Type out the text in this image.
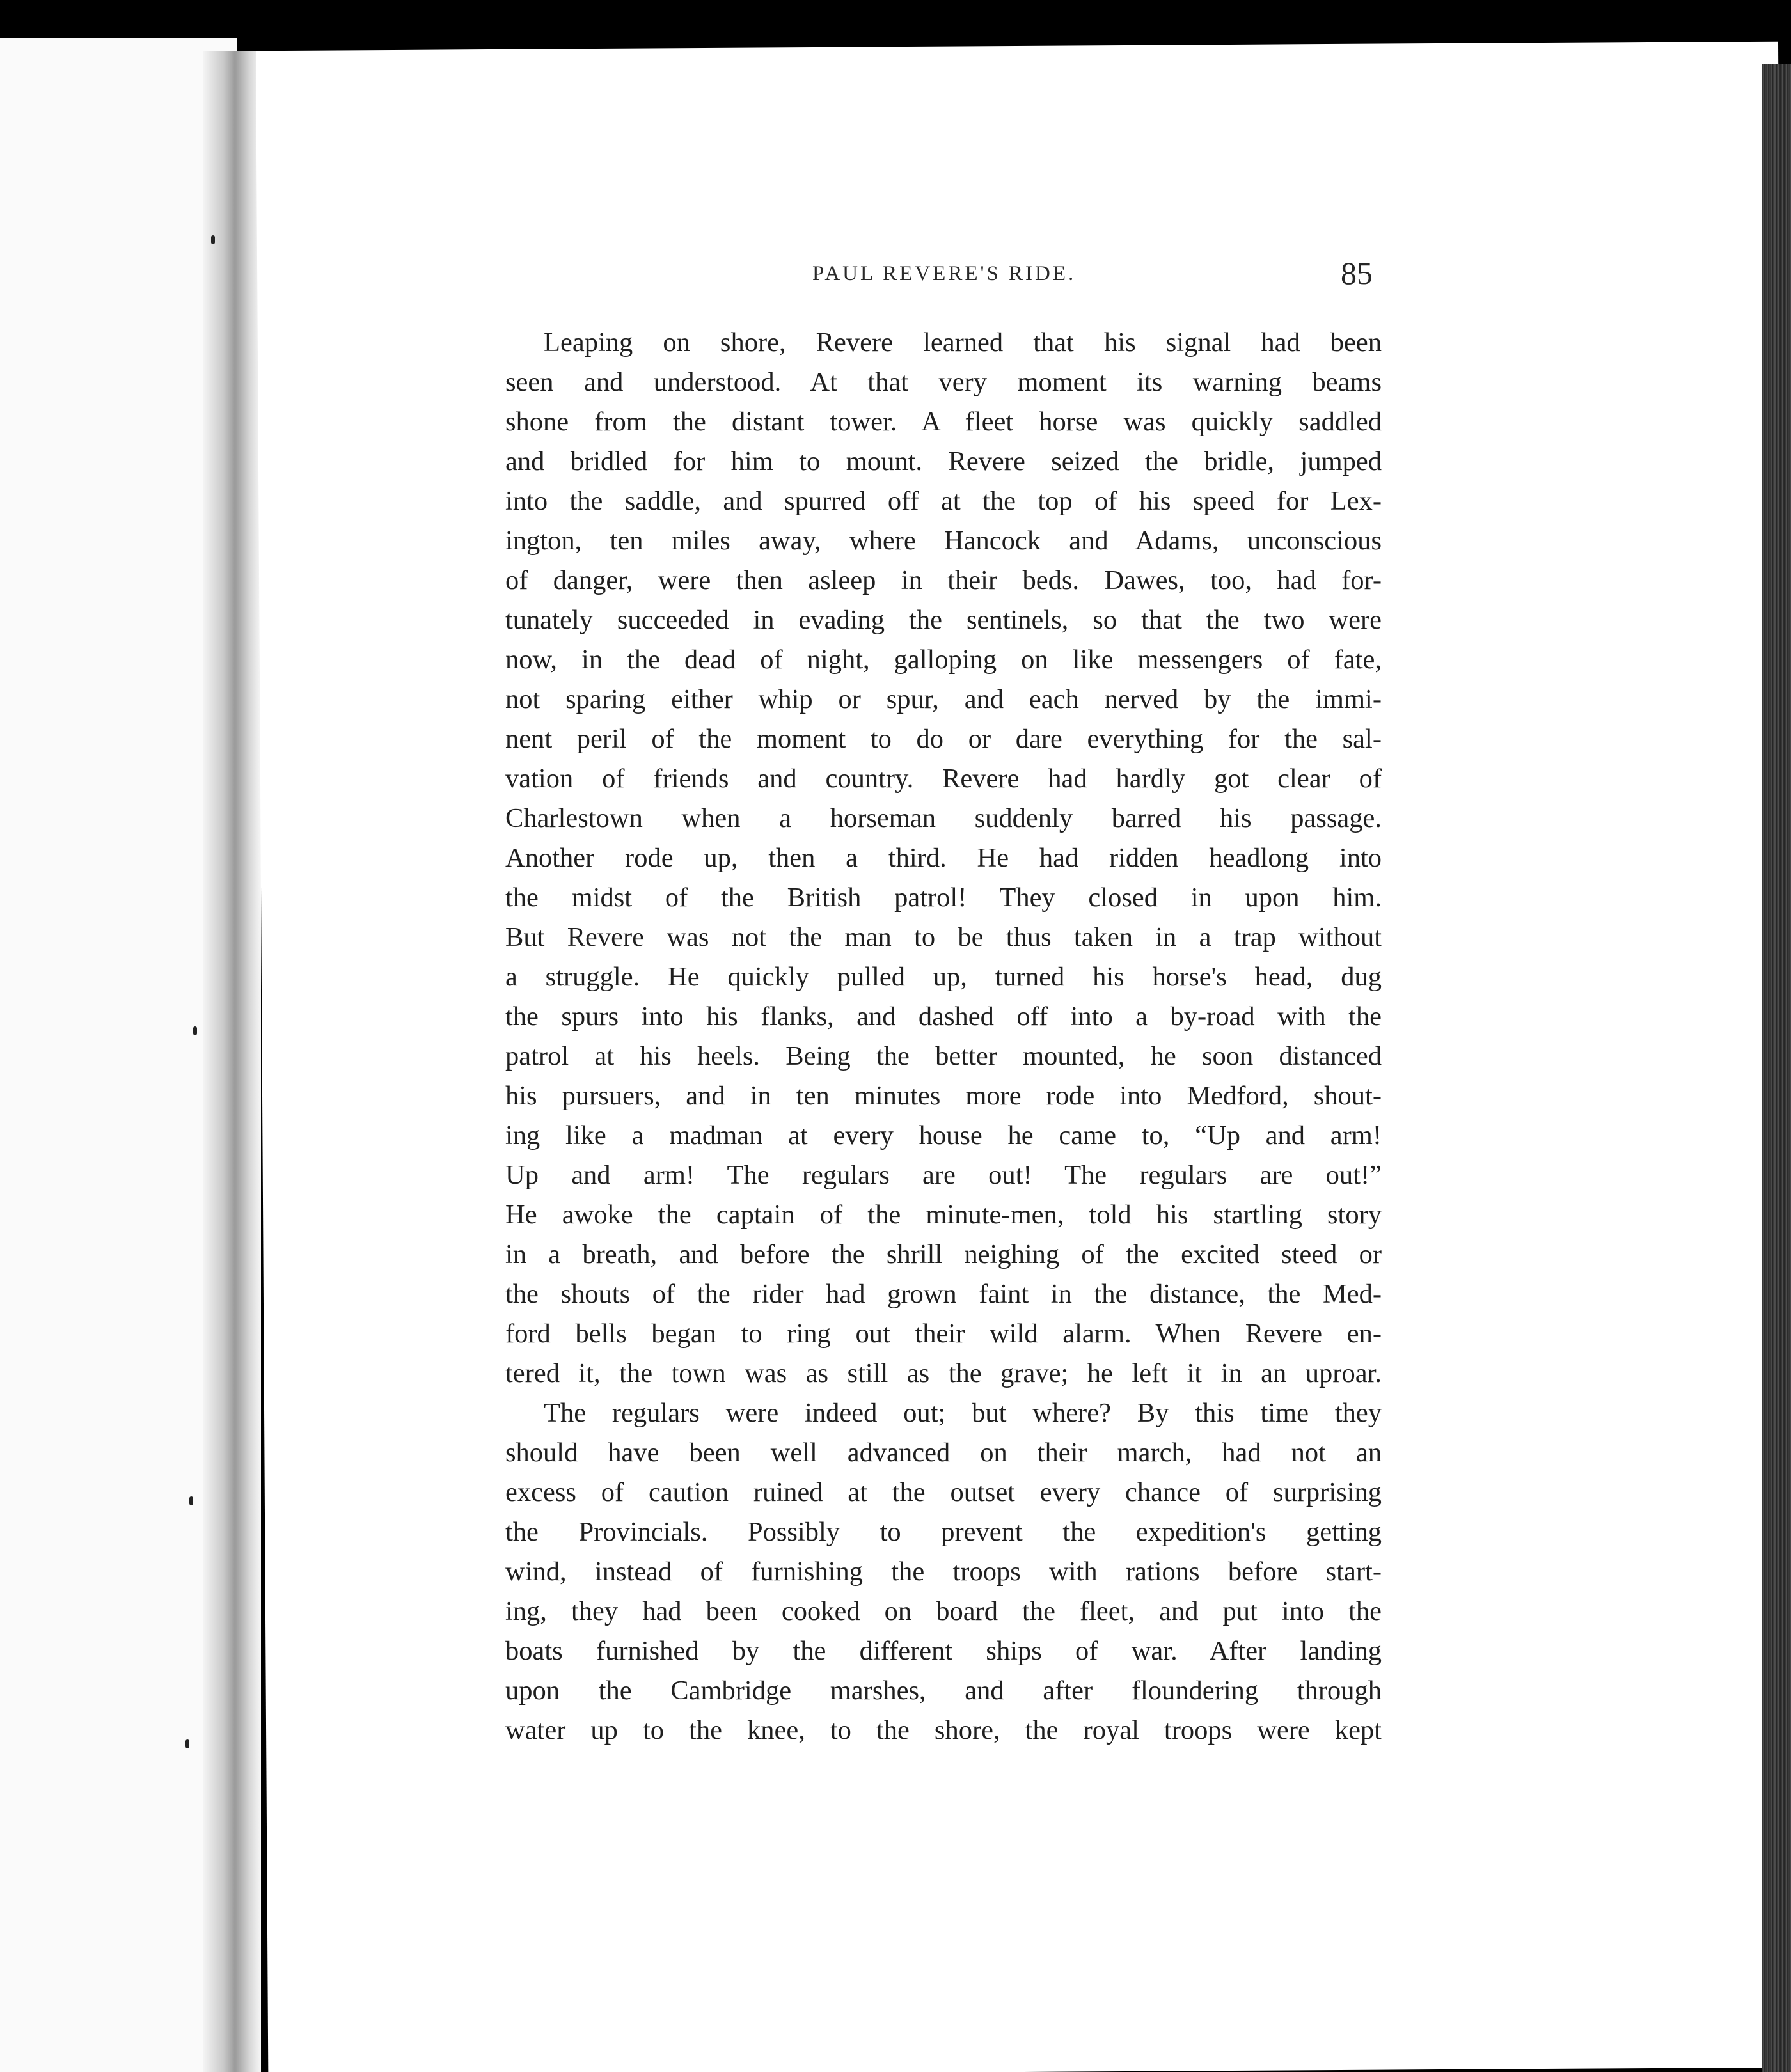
PAUL REVERE'S RIDE.	85
Leaping on shore, Revere learned that his signal had been
seen and understood. At that very moment its warning beams
shone from the distant tower. A fleet horse was quickly saddled
and bridled for him to mount. Revere seized the bridle, jumped
into the saddle, and spurred off at the top of his speed for Lex-
ington, ten miles away, where Hancock and Adams, unconscious
of danger, were then asleep in their beds. Dawes, too, had for-
tunately succeeded in evading the sentinels, so that the two were
now, in the dead of night, galloping on like messengers of fate,
not sparing either whip or spur, and each nerved by the immi-
nent peril of the moment to do or dare everything for the sal-
vation of friends and country. Revere had hardly got clear of
Charlestown when a horseman suddenly barred his passage.
Another rode up, then a third. He had ridden headlong into
the midst of the British patrol! They closed in upon him.
But Revere was not the man to be thus taken in a trap without
a struggle. He quickly pulled up, turned his horse's head, dug
the spurs into his flanks, and dashed off into a by-road with the
patrol at his heels. Being the better mounted, he soon distanced
his pursuers, and in ten minutes more rode into Medford, shout-
ing like a madman at every house he came to, “Up and arm!
Up and arm! The regulars are out! The regulars are out!”
He awoke the captain of the minute-men, told his startling story
in a breath, and before the shrill neighing of the excited steed or
the shouts of the rider had grown faint in the distance, the Med-
ford bells began to ring out their wild alarm. When Revere en-
tered it, the town was as still as the grave; he left it in an uproar.
The regulars were indeed out; but where? By this time they
should have been well advanced on their march, had not an
excess of caution ruined at the outset every chance of surprising
the Provincials. Possibly to prevent the expedition's getting
wind, instead of furnishing the troops with rations before start-
ing, they had been cooked on board the fleet, and put into the
boats furnished by the different ships of war. After landing
upon the Cambridge marshes, and after floundering through
water up to the knee, to the shore, the royal troops were kept
